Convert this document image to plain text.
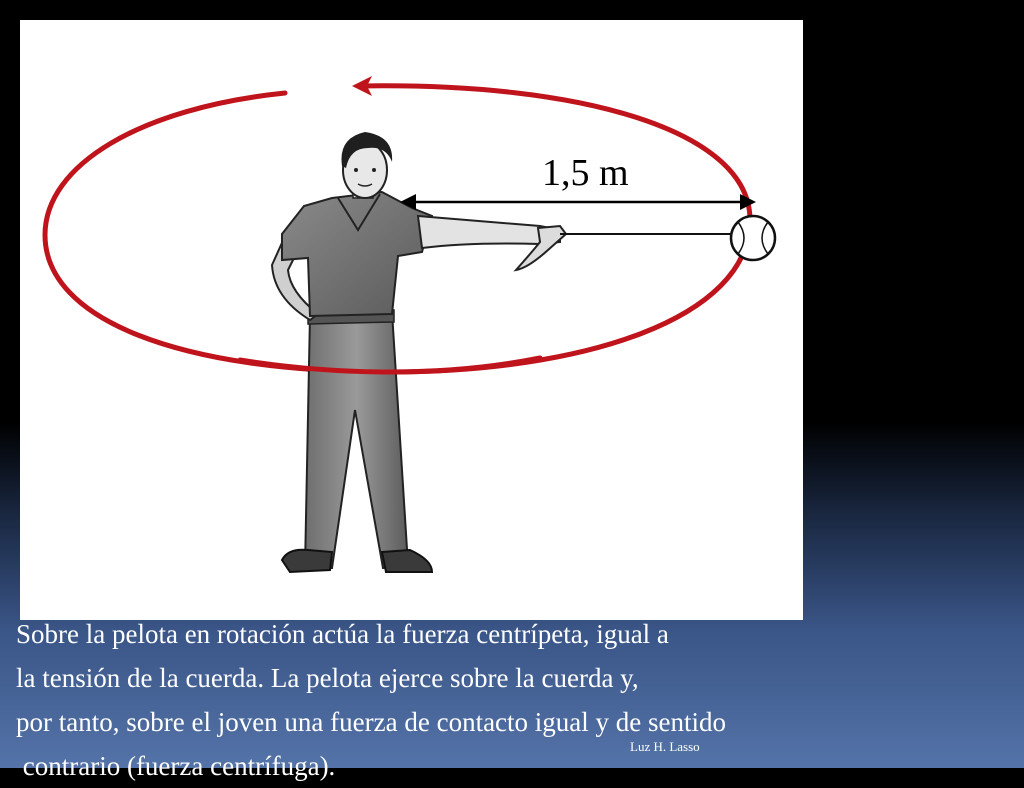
1,5 m
Sobre la pelota en rotación actúa la fuerza centrípeta, igual a
la tensión de la cuerda. La pelota ejerce sobre la cuerda y,
por tanto, sobre el joven una fuerza de contacto igual y de sentido
contrario (fuerza centrífuga).
Luz H. Lasso
